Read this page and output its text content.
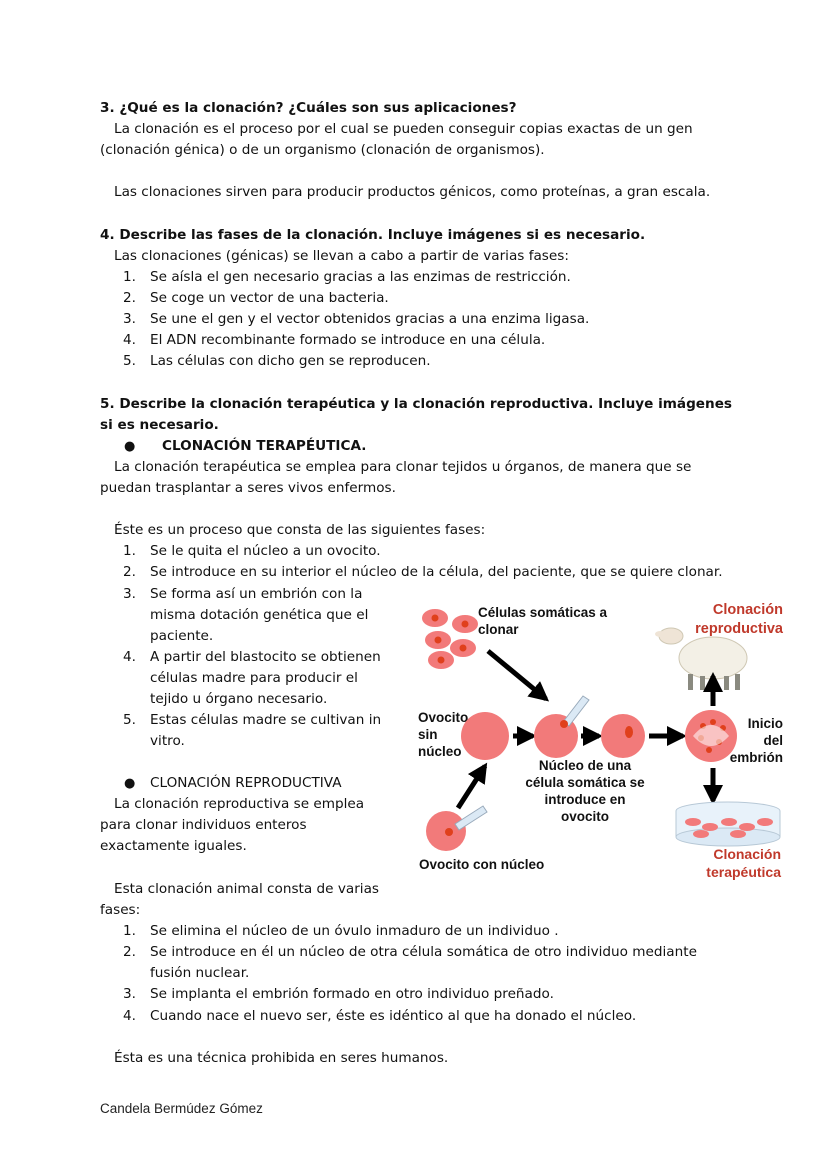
3. ¿Qué es la clonación? ¿Cuáles son sus aplicaciones?
La clonación es el proceso por el cual se pueden conseguir copias exactas de un gen
(clonación génica) o de un organismo (clonación de organismos).
Las clonaciones sirven para producir productos génicos, como proteínas, a gran escala.
4. Describe las fases de la clonación. Incluye imágenes si es necesario.
Las clonaciones (génicas) se llevan a cabo a partir de varias fases:
1. Se aísla el gen necesario gracias a las enzimas de restricción.
2. Se coge un vector de una bacteria.
3. Se une el gen y el vector obtenidos gracias a una enzima ligasa.
4. El ADN recombinante formado se introduce en una célula.
5. Las células con dicho gen se reproducen.
5. Describe la clonación terapéutica y la clonación reproductiva. Incluye imágenes
si es necesario.
● CLONACIÓN TERAPÉUTICA.
La clonación terapéutica se emplea para clonar tejidos u órganos, de manera que se
puedan trasplantar a seres vivos enfermos.
Éste es un proceso que consta de las siguientes fases:
1. Se le quita el núcleo a un ovocito.
2. Se introduce en su interior el núcleo de la célula, del paciente, que se quiere clonar.
3. Se forma así un embrión con la
misma dotación genética que el
paciente.
4. A partir del blastocito se obtienen
células madre para producir el
tejido u órgano necesario.
5. Estas células madre se cultivan in
vitro.
● CLONACIÓN REPRODUCTIVA
La clonación reproductiva se emplea
para clonar individuos enteros
exactamente iguales.
Esta clonación animal consta de varias
fases:
1. Se elimina el núcleo de un óvulo inmaduro de un individuo .
2. Se introduce en él un núcleo de otra célula somática de otro individuo mediante
fusión nuclear.
3. Se implanta el embrión formado en otro individuo preñado.
4. Cuando nace el nuevo ser, éste es idéntico al que ha donado el núcleo.
Ésta es una técnica prohibida en seres humanos.
Células somáticas a
clonar
Clonación
reproductiva
Ovocito
sin
núcleo
Inicio
del
embrión
Núcleo de una
célula somática se
introduce en
ovocito
Ovocito con núcleo
Clonación
terapéutica
Candela Bermúdez Gómez
